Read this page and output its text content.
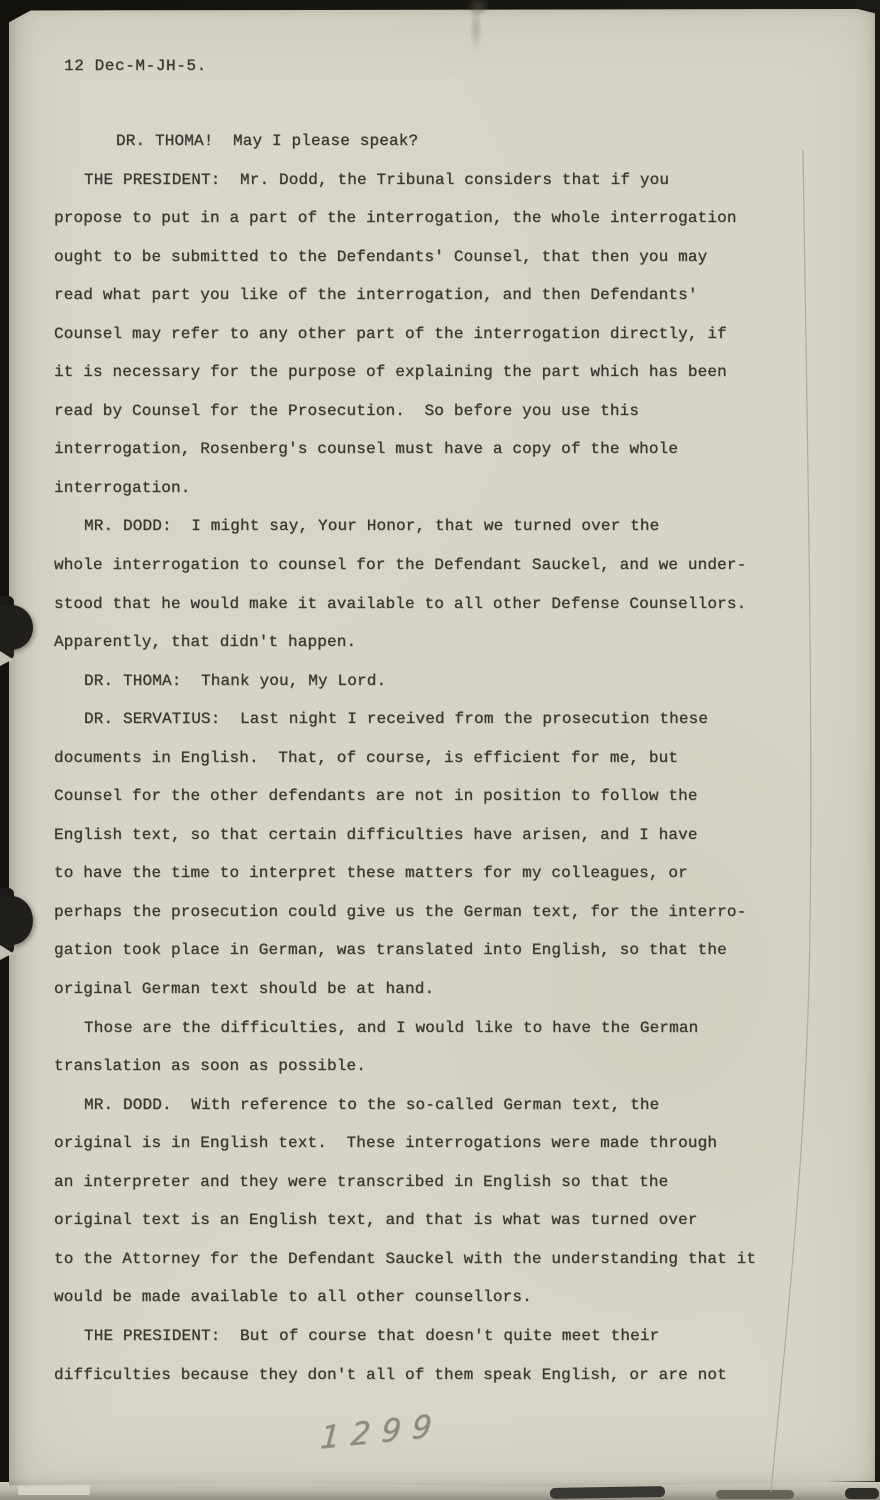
12 Dec-M-JH-5.
DR. THOMA!  May I please speak?
THE PRESIDENT:  Mr. Dodd, the Tribunal considers that if you
propose to put in a part of the interrogation, the whole interrogation
ought to be submitted to the Defendants' Counsel, that then you may
read what part you like of the interrogation, and then Defendants'
Counsel may refer to any other part of the interrogation directly, if
it is necessary for the purpose of explaining the part which has been
read by Counsel for the Prosecution.  So before you use this
interrogation, Rosenberg's counsel must have a copy of the whole
interrogation.
MR. DODD:  I might say, Your Honor, that we turned over the
whole interrogation to counsel for the Defendant Sauckel, and we under-
stood that he would make it available to all other Defense Counsellors.
Apparently, that didn't happen.
DR. THOMA:  Thank you, My Lord.
DR. SERVATIUS:  Last night I received from the prosecution these
documents in English.  That, of course, is efficient for me, but
Counsel for the other defendants are not in position to follow the
English text, so that certain difficulties have arisen, and I have
to have the time to interpret these matters for my colleagues, or
perhaps the prosecution could give us the German text, for the interro-
gation took place in German, was translated into English, so that the
original German text should be at hand.
Those are the difficulties, and I would like to have the German
translation as soon as possible.
MR. DODD.  With reference to the so-called German text, the
original is in English text.  These interrogations were made through
an interpreter and they were transcribed in English so that the
original text is an English text, and that is what was turned over
to the Attorney for the Defendant Sauckel with the understanding that it
would be made available to all other counsellors.
THE PRESIDENT:  But of course that doesn't quite meet their
difficulties because they don't all of them speak English, or are not
1299
